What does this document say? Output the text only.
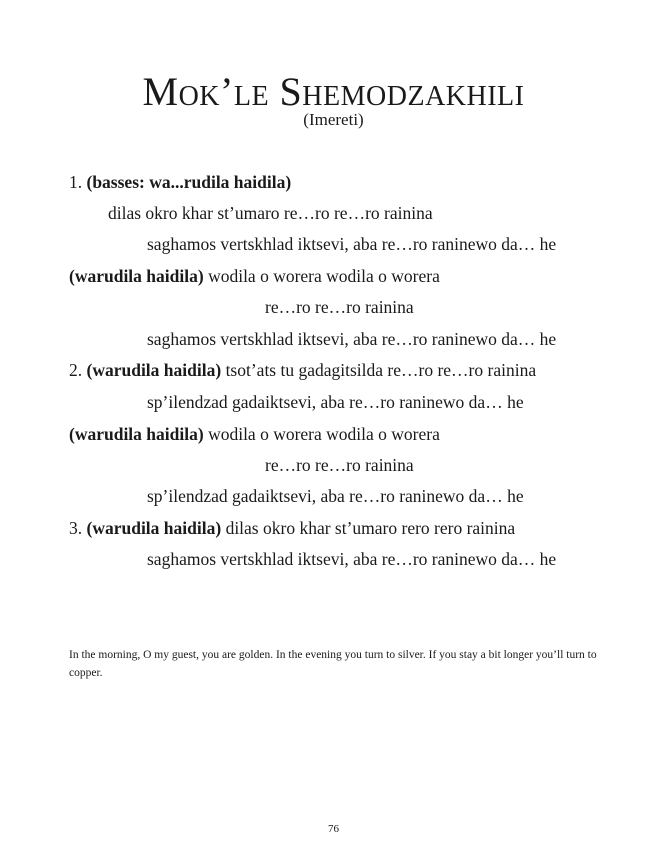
Mok’le Shemodzakhili
(Imereti)
1. (basses: wa...rudila haidila)
dilas okro khar st’umaro re…ro re…ro rainina
saghamos vertskhlad iktsevi, aba re…ro raninewo da… he
(warudila haidila) wodila o worera wodila o worera
re…ro re…ro rainina
saghamos vertskhlad iktsevi, aba re…ro raninewo da… he
2. (warudila haidila) tsot’ats tu gadagitsilda re…ro re…ro rainina
sp’ilendzad gadaiktsevi, aba re…ro raninewo da… he
(warudila haidila) wodila o worera wodila o worera
re…ro re…ro rainina
sp’ilendzad gadaiktsevi, aba re…ro raninewo da… he
3. (warudila haidila) dilas okro khar st’umaro rero rero rainina
saghamos vertskhlad iktsevi, aba re…ro raninewo da… he
In the morning, O my guest, you are golden. In the evening you turn to silver. If you stay a bit longer you’ll turn to copper.
76
